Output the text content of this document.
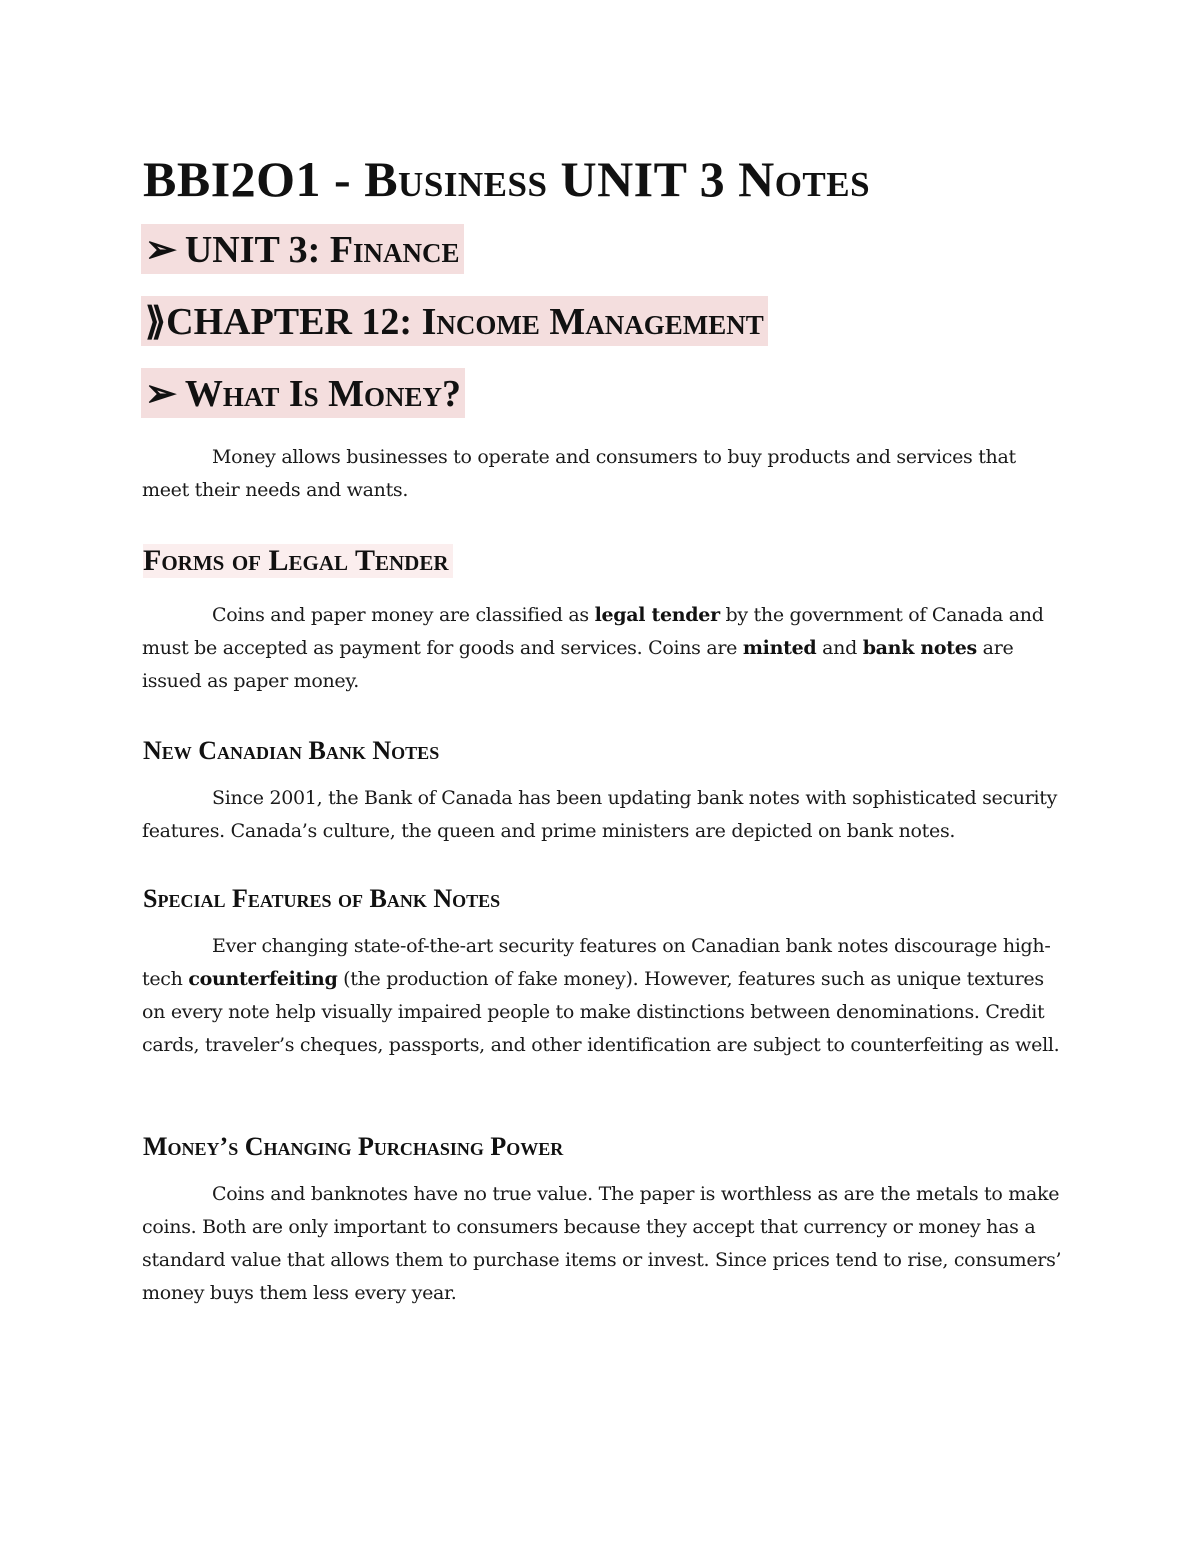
BBI2O1 - Business UNIT 3 Notes
➢ UNIT 3: Finance
⟫CHAPTER 12: Income Management
➢ What Is Money?

Money allows businesses to operate and consumers to buy products and services that meet their needs and wants.

Forms of Legal Tender

Coins and paper money are classified as legal tender by the government of Canada and must be accepted as payment for goods and services. Coins are minted and bank notes are issued as paper money.

New Canadian Bank Notes

Since 2001, the Bank of Canada has been updating bank notes with sophisticated security features. Canada’s culture, the queen and prime ministers are depicted on bank notes.

Special Features of Bank Notes

Ever changing state-of-the-art security features on Canadian bank notes discourage high-tech counterfeiting (the production of fake money). However, features such as unique textures on every note help visually impaired people to make distinctions between denominations. Credit cards, traveler’s cheques, passports, and other identification are subject to counterfeiting as well.

Money’s Changing Purchasing Power

Coins and banknotes have no true value. The paper is worthless as are the metals to make coins. Both are only important to consumers because they accept that currency or money has a standard value that allows them to purchase items or invest. Since prices tend to rise, consumers’ money buys them less every year.
